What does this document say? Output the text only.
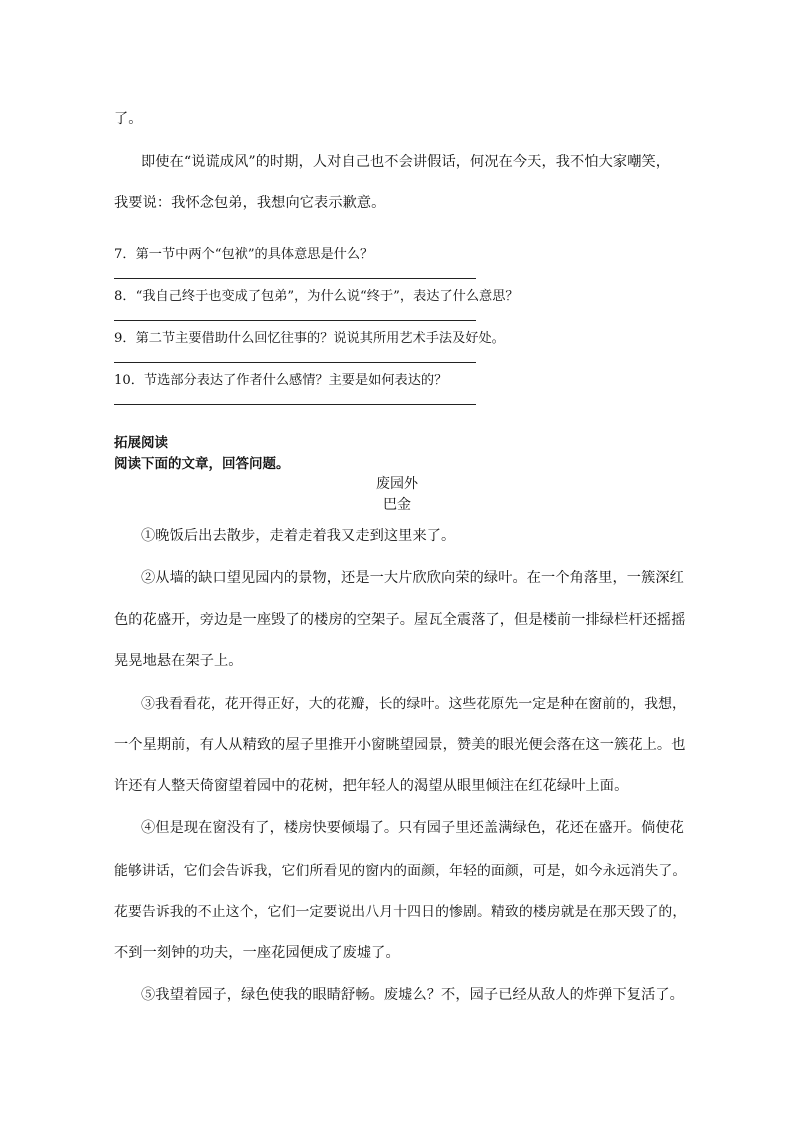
了。
即使在“说谎成风”的时期，人对自己也不会讲假话，何况在今天，我不怕大家嘲笑，
我要说：我怀念包弟，我想向它表示歉意。
7．第一节中两个“包袱”的具体意思是什么？
8．“我自己终于也变成了包弟”，为什么说“终于”，表达了什么意思？
9．第二节主要借助什么回忆往事的？说说其所用艺术手法及好处。
10．节选部分表达了作者什么感情？主要是如何表达的？
拓展阅读
阅读下面的文章，回答问题。
废园外
巴金
①晚饭后出去散步，走着走着我又走到这里来了。
②从墙的缺口望见园内的景物，还是一大片欣欣向荣的绿叶。在一个角落里，一簇深红
色的花盛开，旁边是一座毁了的楼房的空架子。屋瓦全震落了，但是楼前一排绿栏杆还摇摇
晃晃地悬在架子上。
③我看看花，花开得正好，大的花瓣，长的绿叶。这些花原先一定是种在窗前的，我想，
一个星期前，有人从精致的屋子里推开小窗眺望园景，赞美的眼光便会落在这一簇花上。也
许还有人整天倚窗望着园中的花树，把年轻人的渴望从眼里倾注在红花绿叶上面。
④但是现在窗没有了，楼房快要倾塌了。只有园子里还盖满绿色，花还在盛开。倘使花
能够讲话，它们会告诉我，它们所看见的窗内的面颜，年轻的面颜，可是，如今永远消失了。
花要告诉我的不止这个，它们一定要说出八月十四日的惨剧。精致的楼房就是在那天毁了的，
不到一刻钟的功夫，一座花园便成了废墟了。
⑤我望着园子，绿色使我的眼睛舒畅。废墟么？不，园子已经从敌人的炸弹下复活了。
